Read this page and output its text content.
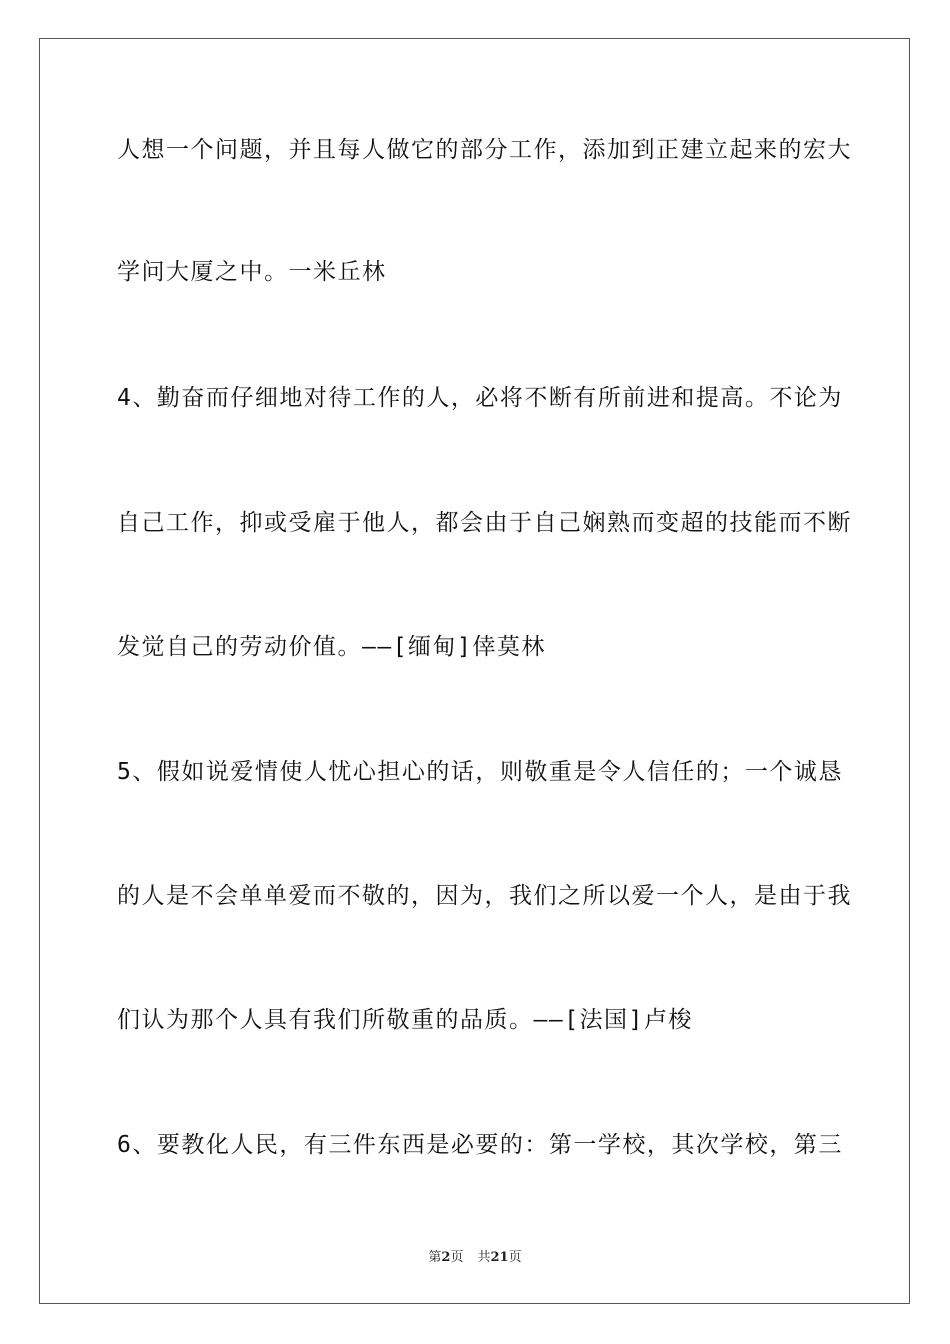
人想一个问题，并且每人做它的部分工作，添加到正建立起来的宏大
学问大厦之中。一米丘林
4、勤奋而仔细地对待工作的人，必将不断有所前进和提高。不论为
自己工作，抑或受雇于他人，都会由于自己娴熟而变超的技能而不断
发觉自己的劳动价值。——[缅甸]倖莫林
5、假如说爱情使人忧心担心的话，则敬重是令人信任的；一个诚恳
的人是不会单单爱而不敬的，因为，我们之所以爱一个人，是由于我
们认为那个人具有我们所敬重的品质。——[法国]卢梭
6、要教化人民，有三件东西是必要的：第一学校，其次学校，第三
第2页 共21页
